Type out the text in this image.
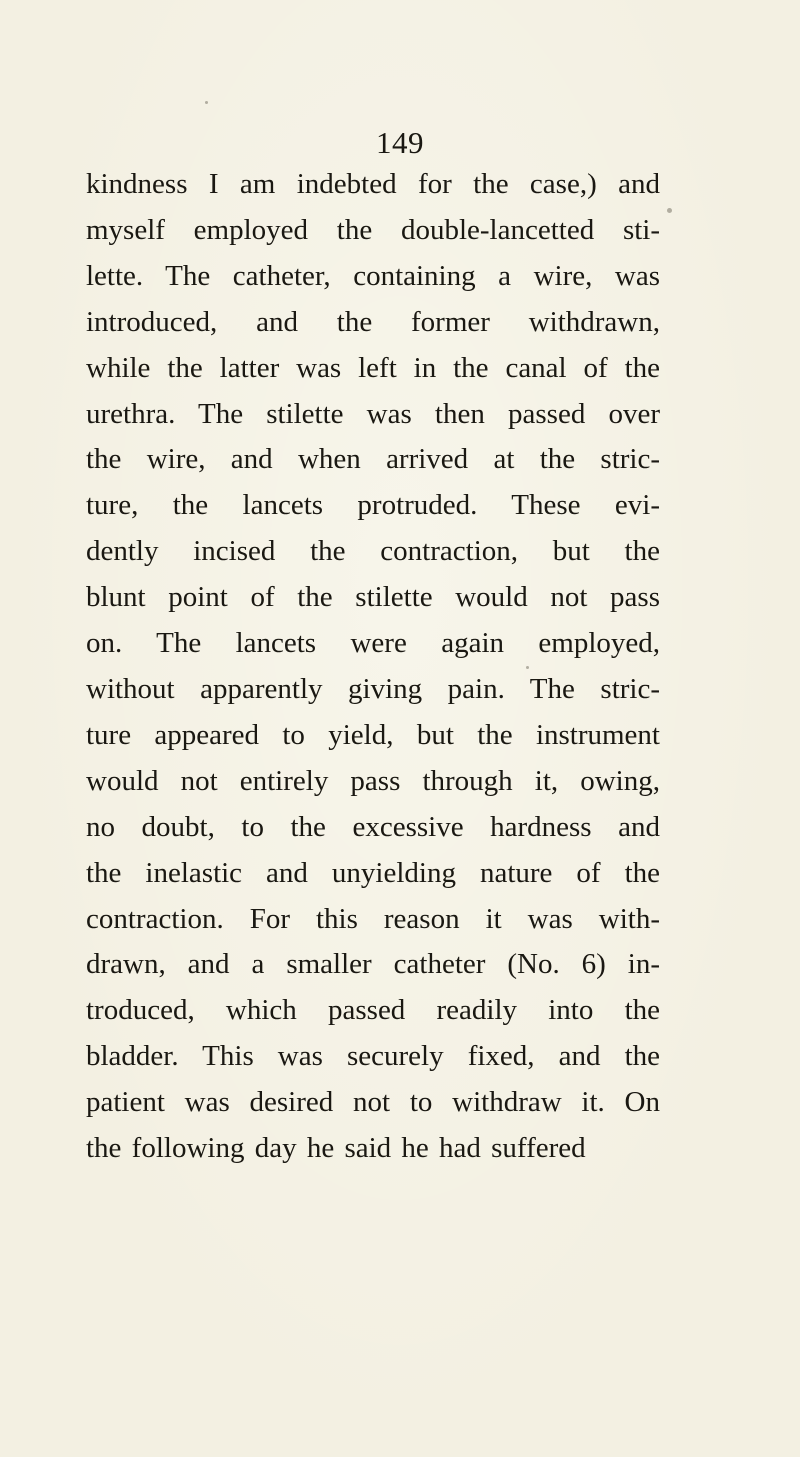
149
kindness I am indebted for the case,) and
myself employed the double-lancetted sti-
lette. The catheter, containing a wire, was
introduced, and the former withdrawn,
while the latter was left in the canal of the
urethra. The stilette was then passed over
the wire, and when arrived at the stric-
ture, the lancets protruded. These evi-
dently incised the contraction, but the
blunt point of the stilette would not pass
on. The lancets were again employed,
without apparently giving pain. The stric-
ture appeared to yield, but the instrument
would not entirely pass through it, owing,
no doubt, to the excessive hardness and
the inelastic and unyielding nature of the
contraction. For this reason it was with-
drawn, and a smaller catheter (No. 6) in-
troduced, which passed readily into the
bladder. This was securely fixed, and the
patient was desired not to withdraw it. On
the following day he said he had suffered
